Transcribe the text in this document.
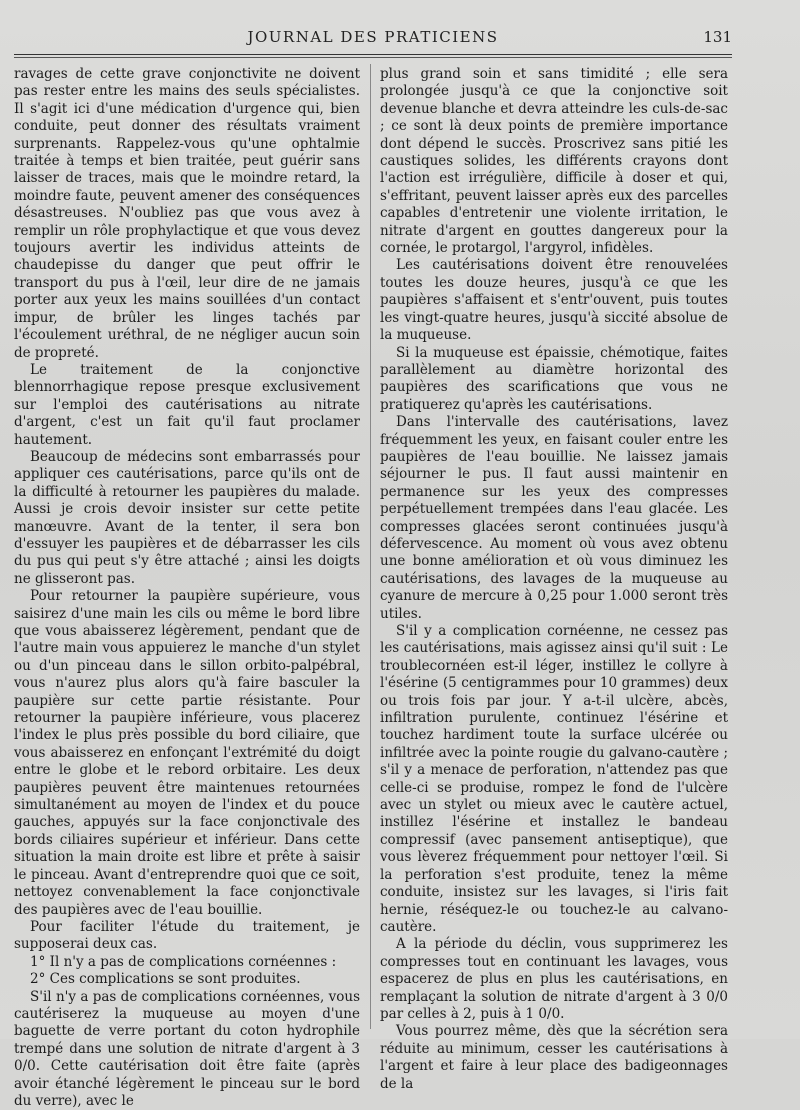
JOURNAL DES PRATICIENS	131

ravages de cette grave conjonctivite ne doivent pas rester entre les mains des seuls spécialistes. Il s'agit ici d'une médication d'urgence qui, bien conduite, peut donner des résultats vraiment surprenants. Rappelez-vous qu'une ophtalmie traitée à temps et bien traitée, peut guérir sans laisser de traces, mais que le moindre retard, la moindre faute, peuvent amener des conséquences désastreuses. N'oubliez pas que vous avez à remplir un rôle prophylactique et que vous devez toujours avertir les individus atteints de chaudepisse du danger que peut offrir le transport du pus à l'œil, leur dire de ne jamais porter aux yeux les mains souillées d'un contact impur, de brûler les linges tachés par l'écoulement uréthral, de ne négliger aucun soin de propreté.

Le traitement de la conjonctive blennorrhagique repose presque exclusivement sur l'emploi des cautérisations au nitrate d'argent, c'est un fait qu'il faut proclamer hautement.

Beaucoup de médecins sont embarrassés pour appliquer ces cautérisations, parce qu'ils ont de la difficulté à retourner les paupières du malade. Aussi je crois devoir insister sur cette petite manœuvre. Avant de la tenter, il sera bon d'essuyer les paupières et de débarrasser les cils du pus qui peut s'y être attaché ; ainsi les doigts ne glisseront pas.

Pour retourner la paupière supérieure, vous saisirez d'une main les cils ou même le bord libre que vous abaisserez légèrement, pendant que de l'autre main vous appuierez le manche d'un stylet ou d'un pinceau dans le sillon orbito-palpébral, vous n'aurez plus alors qu'à faire basculer la paupière sur cette partie résistante. Pour retourner la paupière inférieure, vous placerez l'index le plus près possible du bord ciliaire, que vous abaisserez en enfonçant l'extrémité du doigt entre le globe et le rebord orbitaire. Les deux paupières peuvent être maintenues retournées simultanément au moyen de l'index et du pouce gauches, appuyés sur la face conjonctivale des bords ciliaires supérieur et inférieur. Dans cette situation la main droite est libre et prête à saisir le pinceau. Avant d'entreprendre quoi que ce soit, nettoyez convenablement la face conjonctivale des paupières avec de l'eau bouillie.

Pour faciliter l'étude du traitement, je supposerai deux cas.

1° Il n'y a pas de complications cornéennes :

2° Ces complications se sont produites.

S'il n'y a pas de complications cornéennes, vous cautériserez la muqueuse au moyen d'une baguette de verre portant du coton hydrophile trempé dans une solution de nitrate d'argent à 3 0/0. Cette cautérisation doit être faite (après avoir étanché légèrement le pinceau sur le bord du verre), avec le

plus grand soin et sans timidité ; elle sera prolongée jusqu'à ce que la conjonctive soit devenue blanche et devra atteindre les culs-de-sac ; ce sont là deux points de première importance dont dépend le succès. Proscrivez sans pitié les caustiques solides, les différents crayons dont l'action est irrégulière, difficile à doser et qui, s'effritant, peuvent laisser après eux des parcelles capables d'entretenir une violente irritation, le nitrate d'argent en gouttes dangereux pour la cornée, le protargol, l'argyrol, infidèles.

Les cautérisations doivent être renouvelées toutes les douze heures, jusqu'à ce que les paupières s'affaisent et s'entr'ouvent, puis toutes les vingt-quatre heures, jusqu'à siccité absolue de la muqueuse.

Si la muqueuse est épaissie, chémotique, faites parallèlement au diamètre horizontal des paupières des scarifications que vous ne pratiquerez qu'après les cautérisations.

Dans l'intervalle des cautérisations, lavez fréquemment les yeux, en faisant couler entre les paupières de l'eau bouillie. Ne laissez jamais séjourner le pus. Il faut aussi maintenir en permanence sur les yeux des compresses perpétuellement trempées dans l'eau glacée. Les compresses glacées seront continuées jusqu'à défervescence. Au moment où vous avez obtenu une bonne amélioration et où vous diminuez les cautérisations, des lavages de la muqueuse au cyanure de mercure à 0,25 pour 1.000 seront très utiles.

S'il y a complication cornéenne, ne cessez pas les cautérisations, mais agissez ainsi qu'il suit : Le troublecornéen est-il léger, instillez le collyre à l'ésérine (5 centigrammes pour 10 grammes) deux ou trois fois par jour. Y a-t-il ulcère, abcès, infiltration purulente, continuez l'ésérine et touchez hardiment toute la surface ulcérée ou infiltrée avec la pointe rougie du galvano-cautère ; s'il y a menace de perforation, n'attendez pas que celle-ci se produise, rompez le fond de l'ulcère avec un stylet ou mieux avec le cautère actuel, instillez l'ésérine et installez le bandeau compressif (avec pansement antiseptique), que vous lèverez fréquemment pour nettoyer l'œil. Si la perforation s'est produite, tenez la même conduite, insistez sur les lavages, si l'iris fait hernie, réséquez-le ou touchez-le au calvano-cautère.

A la période du déclin, vous supprimerez les compresses tout en continuant les lavages, vous espacerez de plus en plus les cautérisations, en remplaçant la solution de nitrate d'argent à 3 0/0 par celles à 2, puis à 1 0/0.

Vous pourrez même, dès que la sécrétion sera réduite au minimum, cesser les cautérisations à l'argent et faire à leur place des badigeonnages de la
